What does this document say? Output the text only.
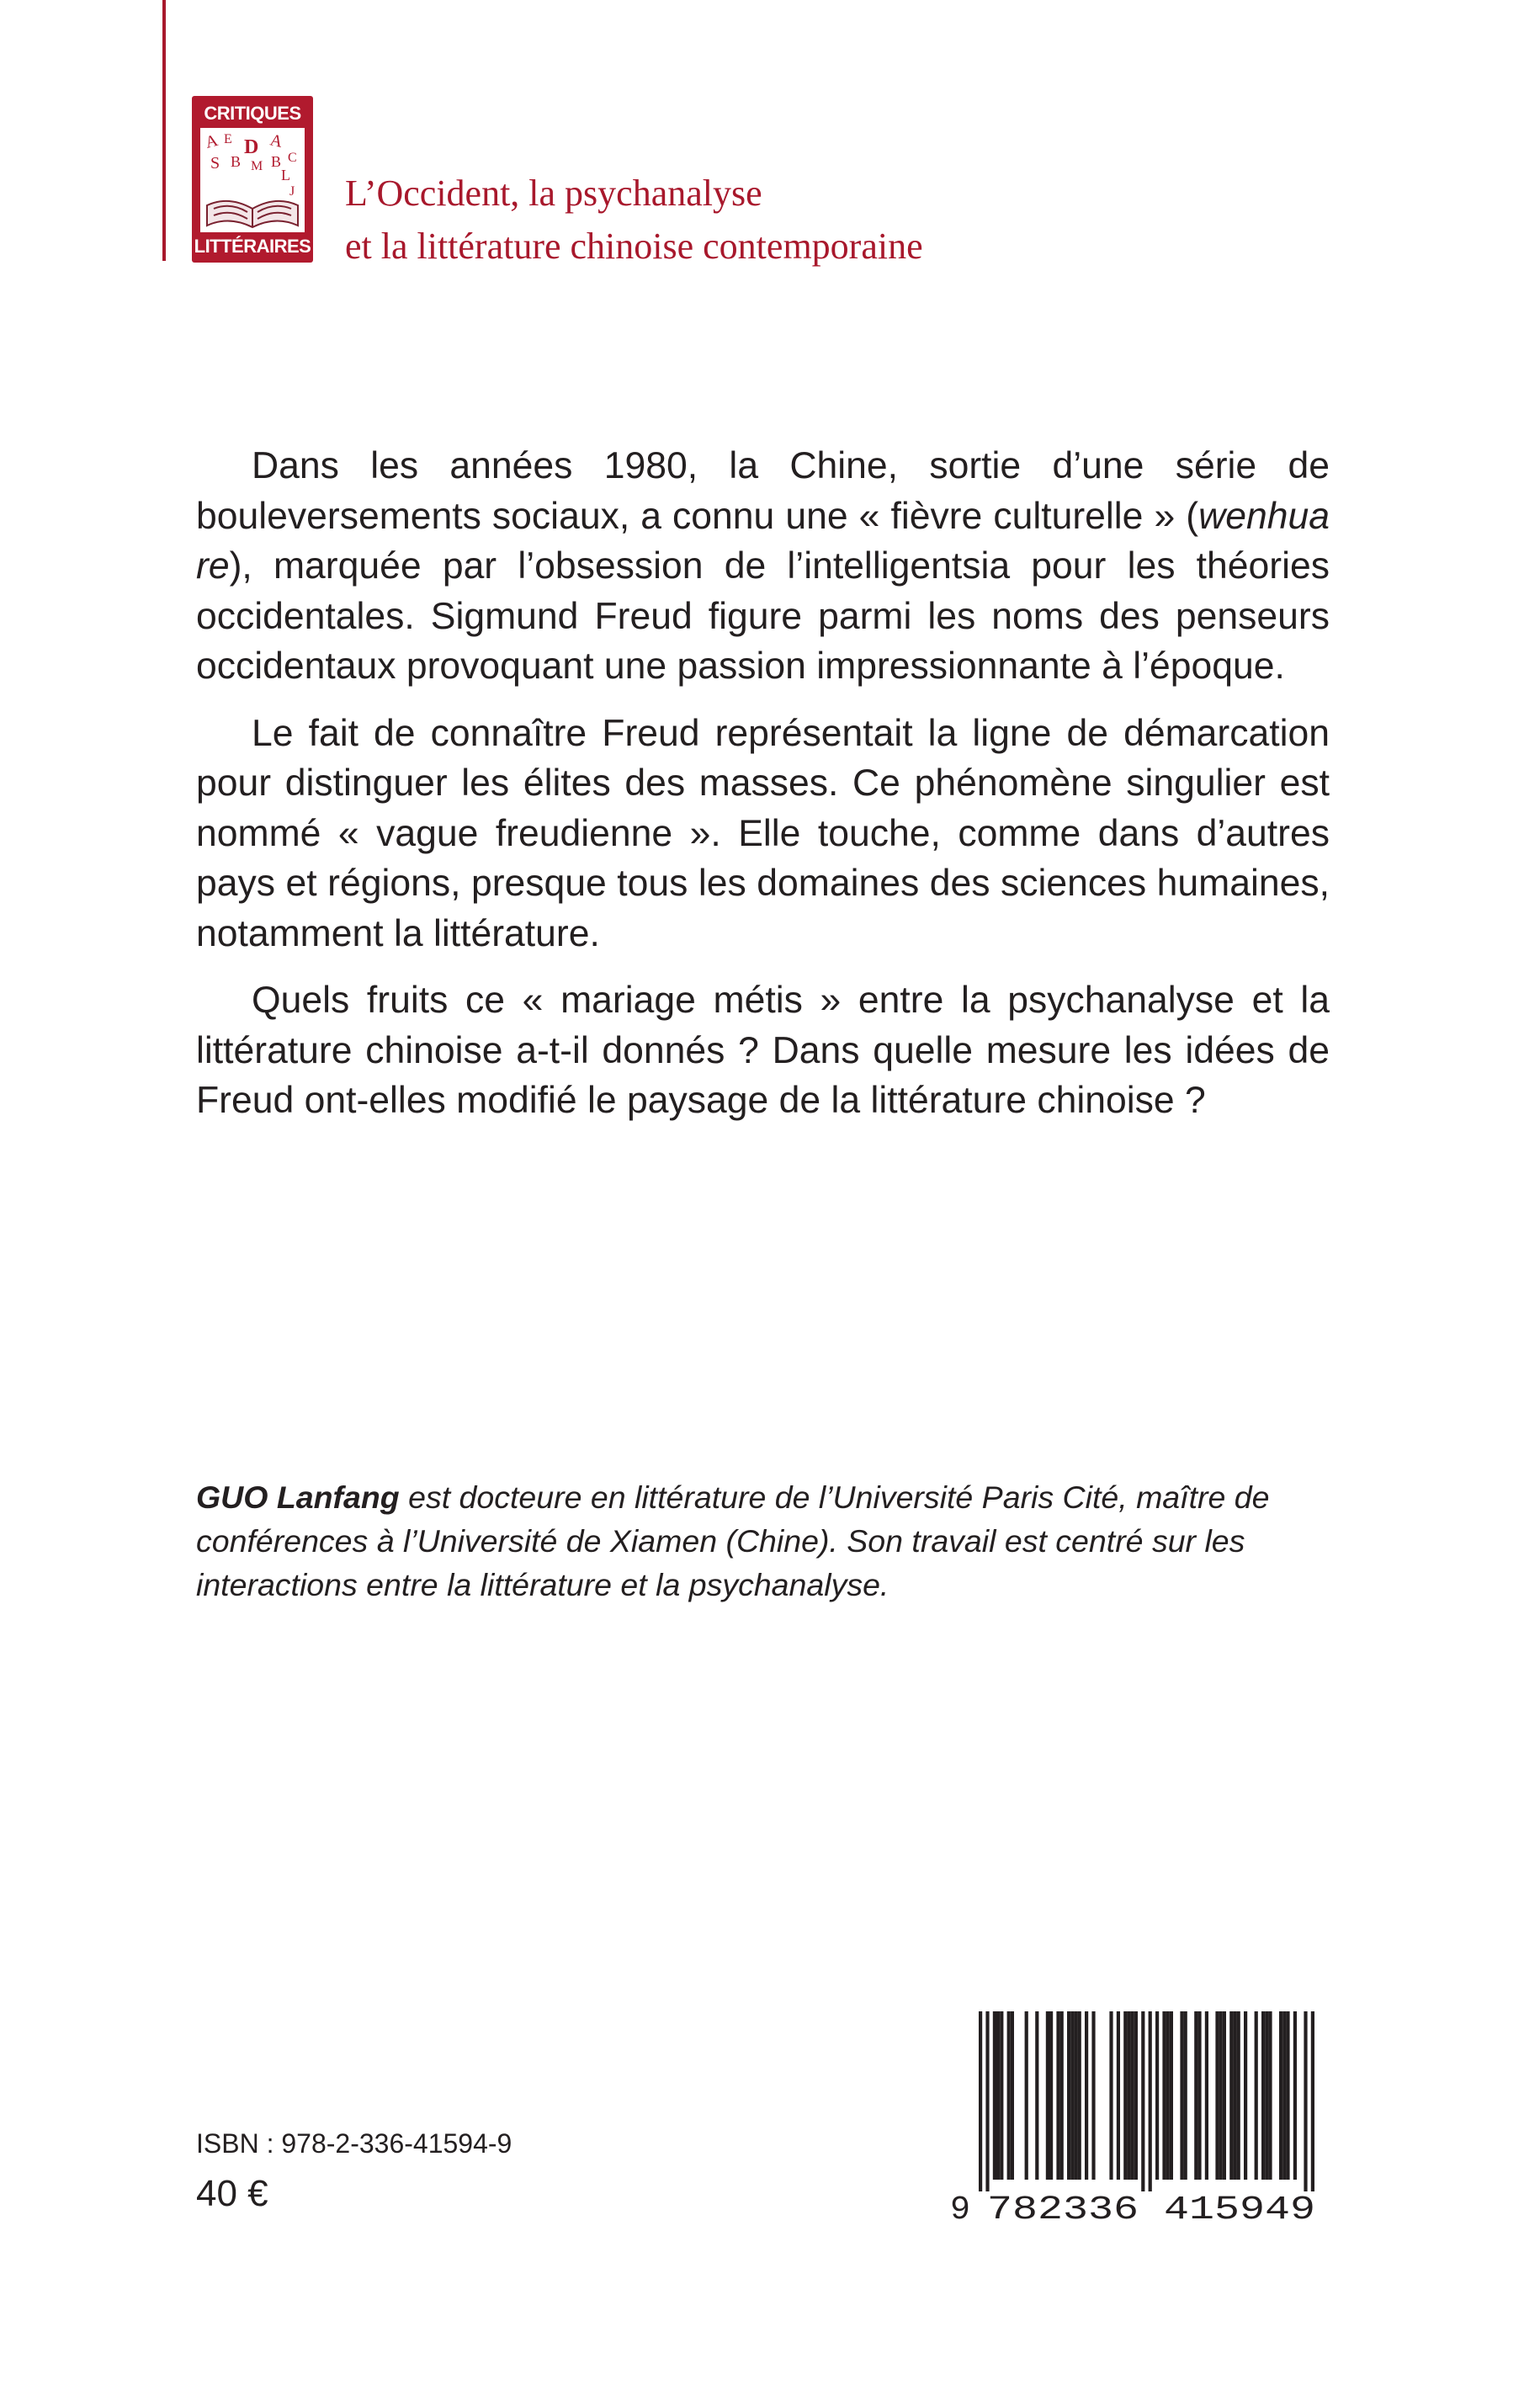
CRITIQUES
A E D A
S B M B C
L
J
LITTÉRAIRES
L’Occident, la psychanalyse
et la littérature chinoise contemporaine

Dans les années 1980, la Chine, sortie d’une série de bouleversements sociaux, a connu une « fièvre culturelle » (wenhua re), marquée par l’obsession de l’intelligentsia pour les théories occidentales. Sigmund Freud figure parmi les noms des penseurs occidentaux provoquant une passion impressionnante à l’époque.

Le fait de connaître Freud représentait la ligne de démarcation pour distinguer les élites des masses. Ce phénomène singulier est nommé « vague freudienne ». Elle touche, comme dans d’autres pays et régions, presque tous les domaines des sciences humaines, notamment la littérature.

Quels fruits ce « mariage métis » entre la psychanalyse et la littérature chinoise a-t-il donnés ? Dans quelle mesure les idées de Freud ont-elles modifié le paysage de la littérature chinoise ?

GUO Lanfang est docteure en littérature de l’Université Paris Cité, maître de conférences à l’Université de Xiamen (Chine). Son travail est centré sur les interactions entre la littérature et la psychanalyse.
ISBN : 978-2-336-41594-9
40 €	9 782336 415949
